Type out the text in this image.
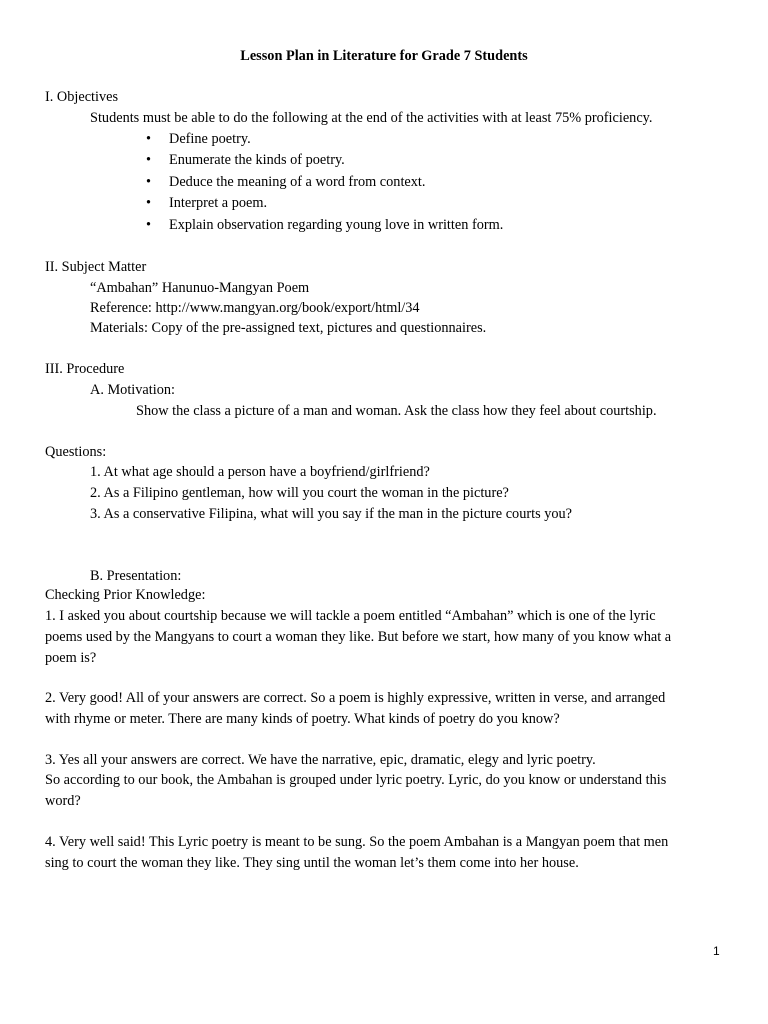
Lesson Plan in Literature for Grade 7 Students
I. Objectives
Students must be able to do the following at the end of the activities with at least 75% proficiency.
• Define poetry.
• Enumerate the kinds of poetry.
• Deduce the meaning of a word from context.
• Interpret a poem.
• Explain observation regarding young love in written form.
II. Subject Matter
“Ambahan” Hanunuo-Mangyan Poem
Reference: http://www.mangyan.org/book/export/html/34
Materials: Copy of the pre-assigned text, pictures and questionnaires.
III. Procedure
A. Motivation:
Show the class a picture of a man and woman. Ask the class how they feel about courtship.
Questions:
1. At what age should a person have a boyfriend/girlfriend?
2. As a Filipino gentleman, how will you court the woman in the picture?
3. As a conservative Filipina, what will you say if the man in the picture courts you?
B. Presentation:
Checking Prior Knowledge:
1. I asked you about courtship because we will tackle a poem entitled “Ambahan” which is one of the lyric
poems used by the Mangyans to court a woman they like. But before we start, how many of you know what a
poem is?
2. Very good! All of your answers are correct. So a poem is highly expressive, written in verse, and arranged
with rhyme or meter. There are many kinds of poetry. What kinds of poetry do you know?
3. Yes all your answers are correct. We have the narrative, epic, dramatic, elegy and lyric poetry.
So according to our book, the Ambahan is grouped under lyric poetry. Lyric, do you know or understand this
word?
4. Very well said! This Lyric poetry is meant to be sung. So the poem Ambahan is a Mangyan poem that men
sing to court the woman they like. They sing until the woman let’s them come into her house.
1
